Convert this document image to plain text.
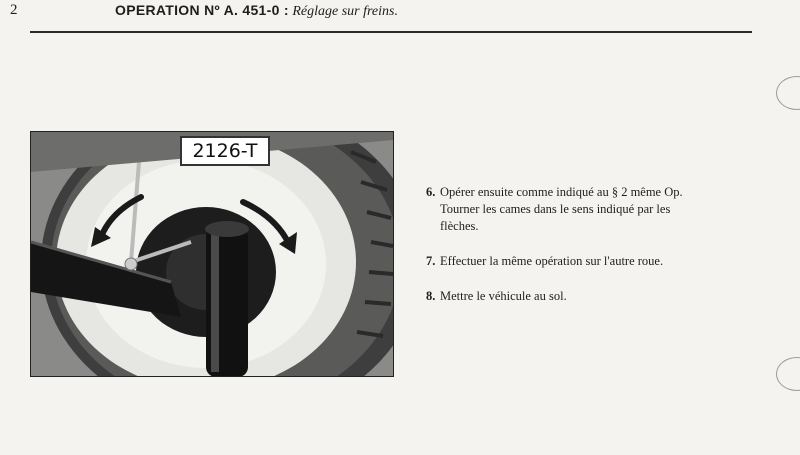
2	OPERATION Nº A. 451-0 : Réglage sur freins.
2126-T
6. Opérer ensuite comme indiqué au § 2 même Op.
Tourner les cames dans le sens indiqué par les
flèches.
7. Effectuer la même opération sur l'autre roue.
8. Mettre le véhicule au sol.
